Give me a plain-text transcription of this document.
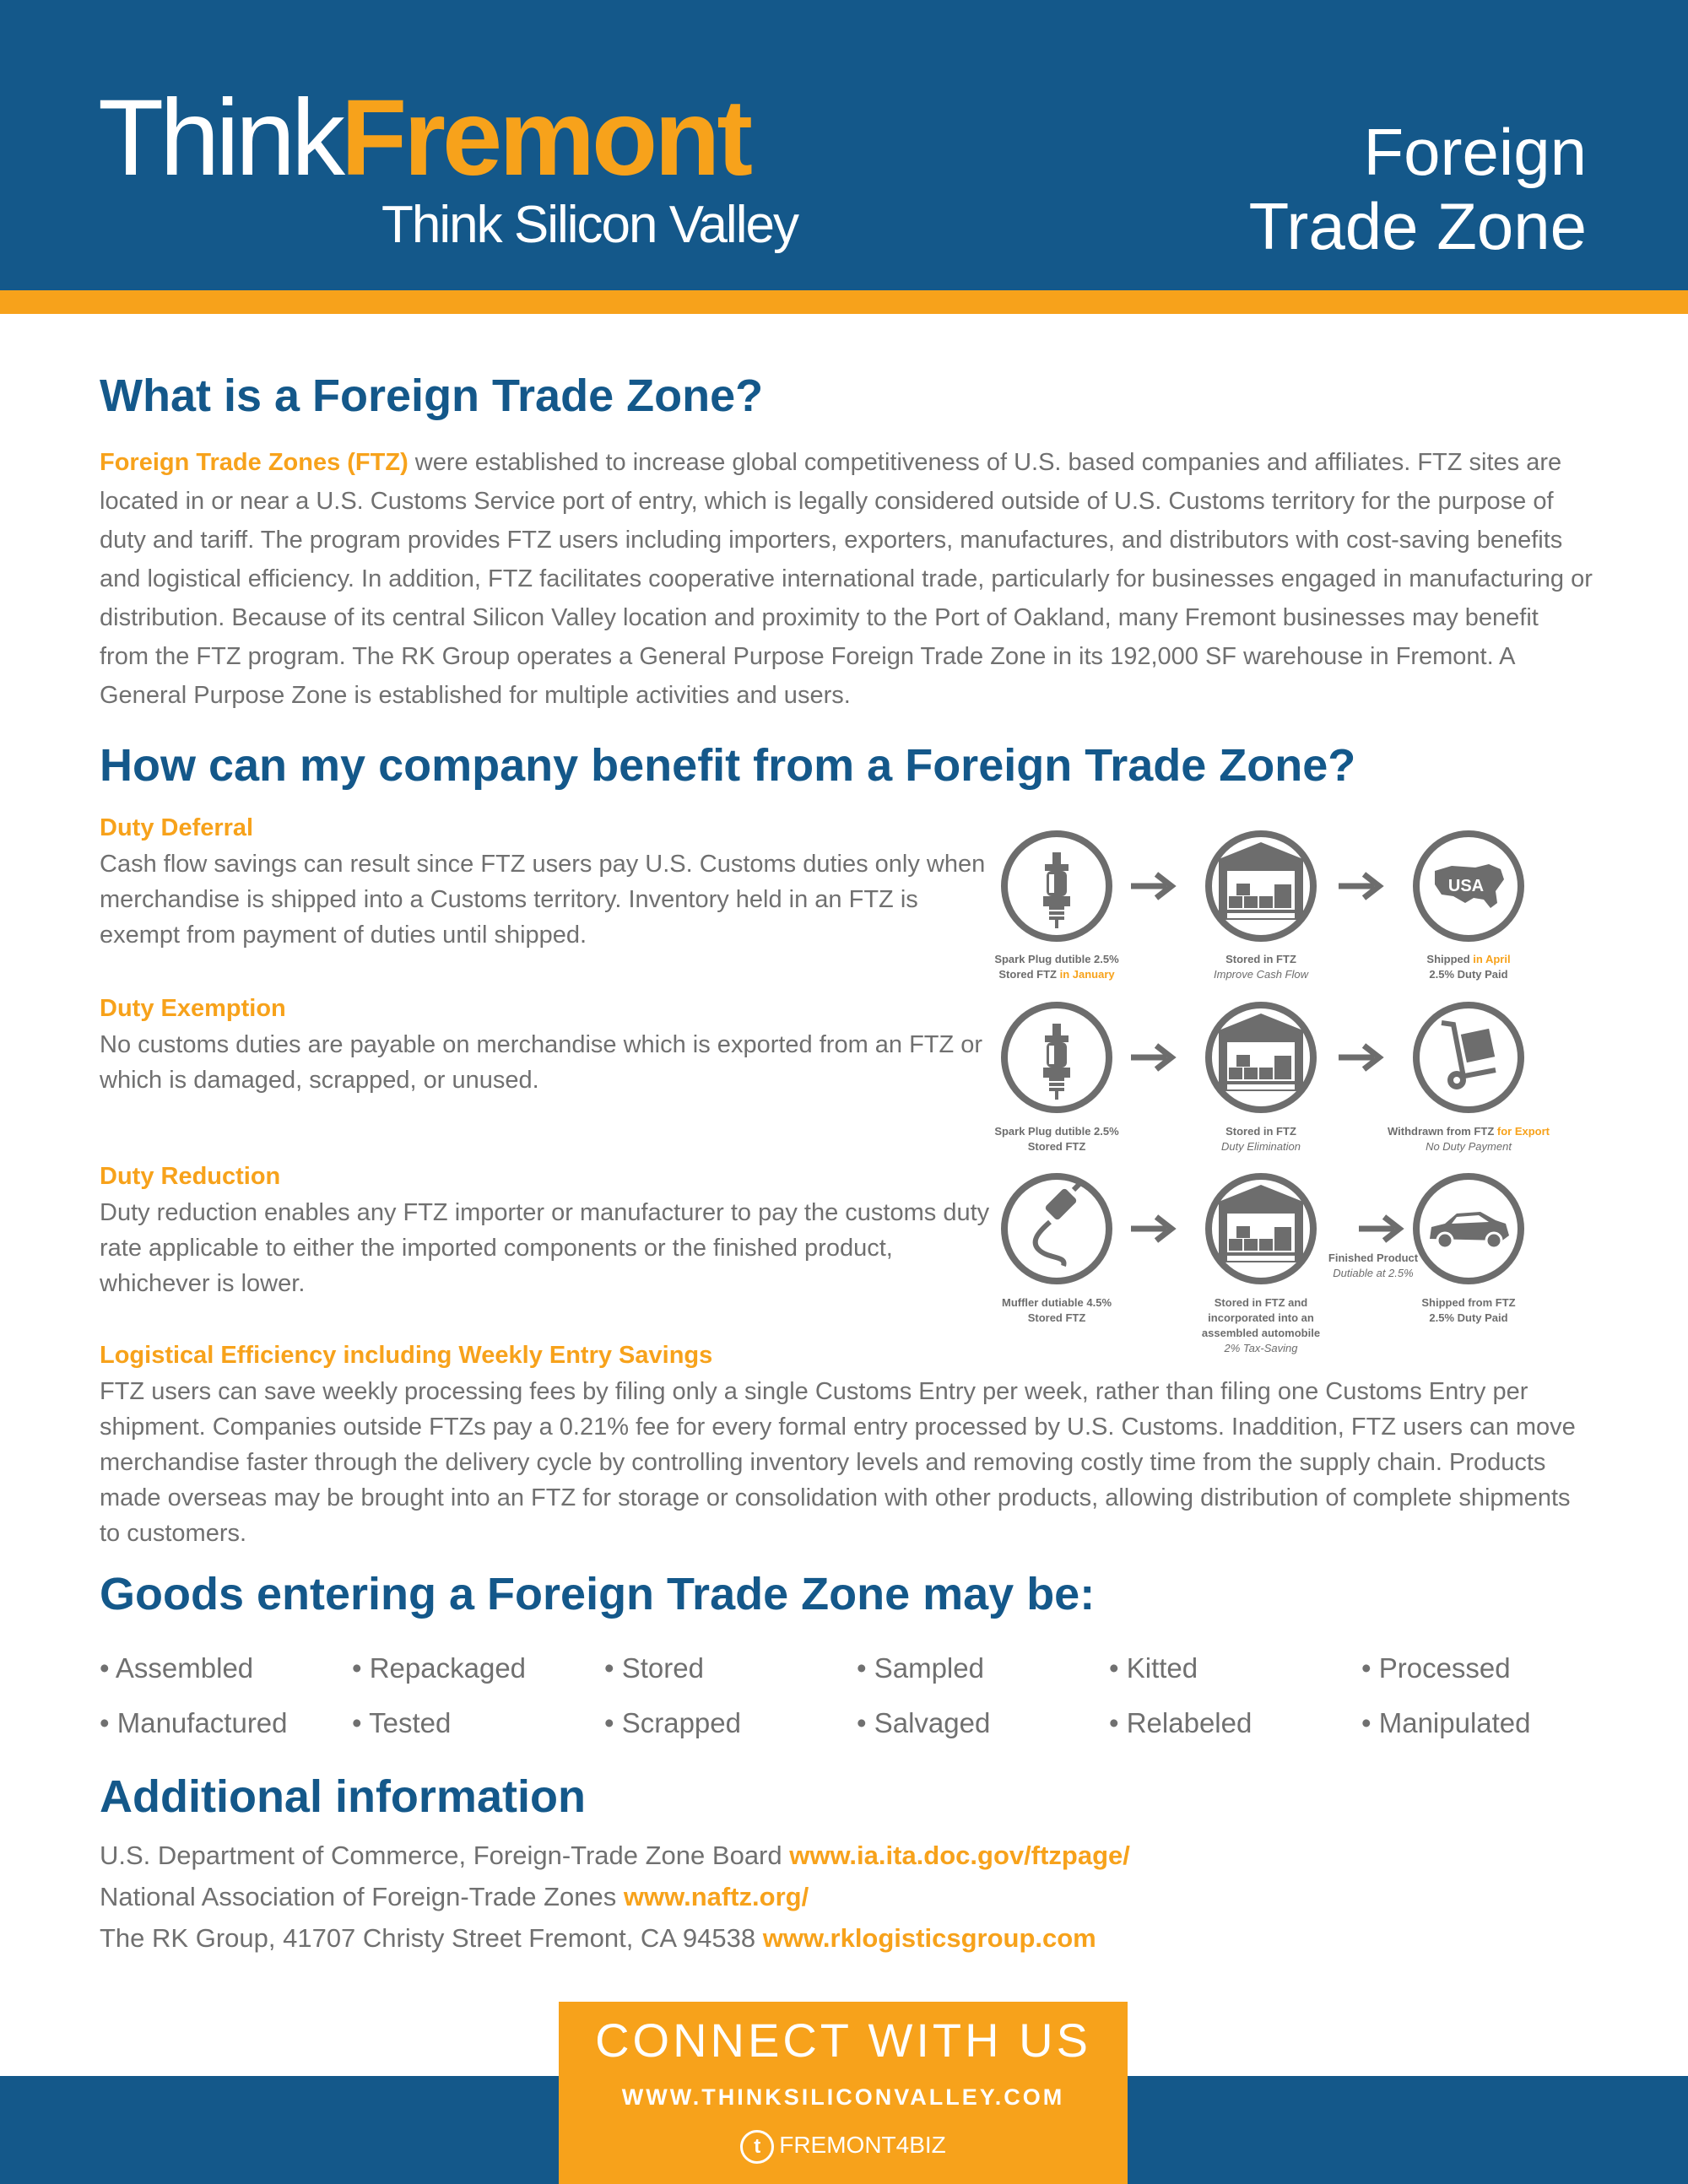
ThinkFremont
Think Silicon Valley
Foreign
Trade Zone
What is a Foreign Trade Zone?

Foreign Trade Zones (FTZ) were established to increase global competitiveness of U.S. based companies and affiliates. FTZ sites are located in or near a U.S. Customs Service port of entry, which is legally considered outside of U.S. Customs territory for the purpose of duty and tariff. The program provides FTZ users including importers, exporters, manufactures, and distributors with cost-saving benefits and logistical efficiency. In addition, FTZ facilitates cooperative international trade, particularly for businesses engaged in manufacturing or distribution. Because of its central Silicon Valley location and proximity to the Port of Oakland, many Fremont businesses may benefit from the FTZ program. The RK Group operates a General Purpose Foreign Trade Zone in its 192,000 SF warehouse in Fremont. A General Purpose Zone is established for multiple activities and users.

How can my company benefit from a Foreign Trade Zone?
Duty Deferral

Cash flow savings can result since FTZ users pay U.S. Customs duties only when merchandise is shipped into a Customs territory. Inventory held in an FTZ is exempt from payment of duties until shipped.

Duty Exemption

No customs duties are payable on merchandise which is exported from an FTZ or which is damaged, scrapped, or unused.

Duty Reduction

Duty reduction enables any FTZ importer or manufacturer to pay the customs duty rate applicable to either the imported components or the finished product, whichever is lower.

Logistical Efficiency including Weekly Entry Savings

FTZ users can save weekly processing fees by filing only a single Customs Entry per week, rather than filing one Customs Entry per shipment. Companies outside FTZs pay a 0.21% fee for every formal entry processed by U.S. Customs. Inaddition, FTZ users can move merchandise faster through the delivery cycle by controlling inventory levels and removing costly time from the supply chain. Products made overseas may be brought into an FTZ for storage or consolidation with other products, allowing distribution of complete shipments to customers.

USA
Spark Plug dutible 2.5%
Stored FTZ in January
Stored in FTZ
Improve Cash Flow
Shipped in April
2.5% Duty Paid
Spark Plug dutible 2.5%
Stored FTZ
Stored in FTZ
Duty Elimination
Withdrawn from FTZ for Export
No Duty Payment
Muffler dutiable 4.5%
Stored FTZ
Stored in FTZ and
incorporated into an
assembled automobile
2% Tax-Saving
Finished Product
Dutiable at 2.5%
Shipped from FTZ
2.5% Duty Paid
Goods entering a Foreign Trade Zone may be:
• Assembled	• Repackaged	• Stored	• Sampled	• Kitted	• Processed
• Manufactured • Tested	• Scrapped	• Salvaged	• Relabeled	• Manipulated
Additional information
U.S. Department of Commerce, Foreign-Trade Zone Board www.ia.ita.doc.gov/ftzpage/
National Association of Foreign-Trade Zones www.naftz.org/
The RK Group, 41707 Christy Street Fremont, CA 94538 www.rklogisticsgroup.com
CONNECT WITH US
WWW.THINKSILICONVALLEY.COM
t FREMONT4BIZ
